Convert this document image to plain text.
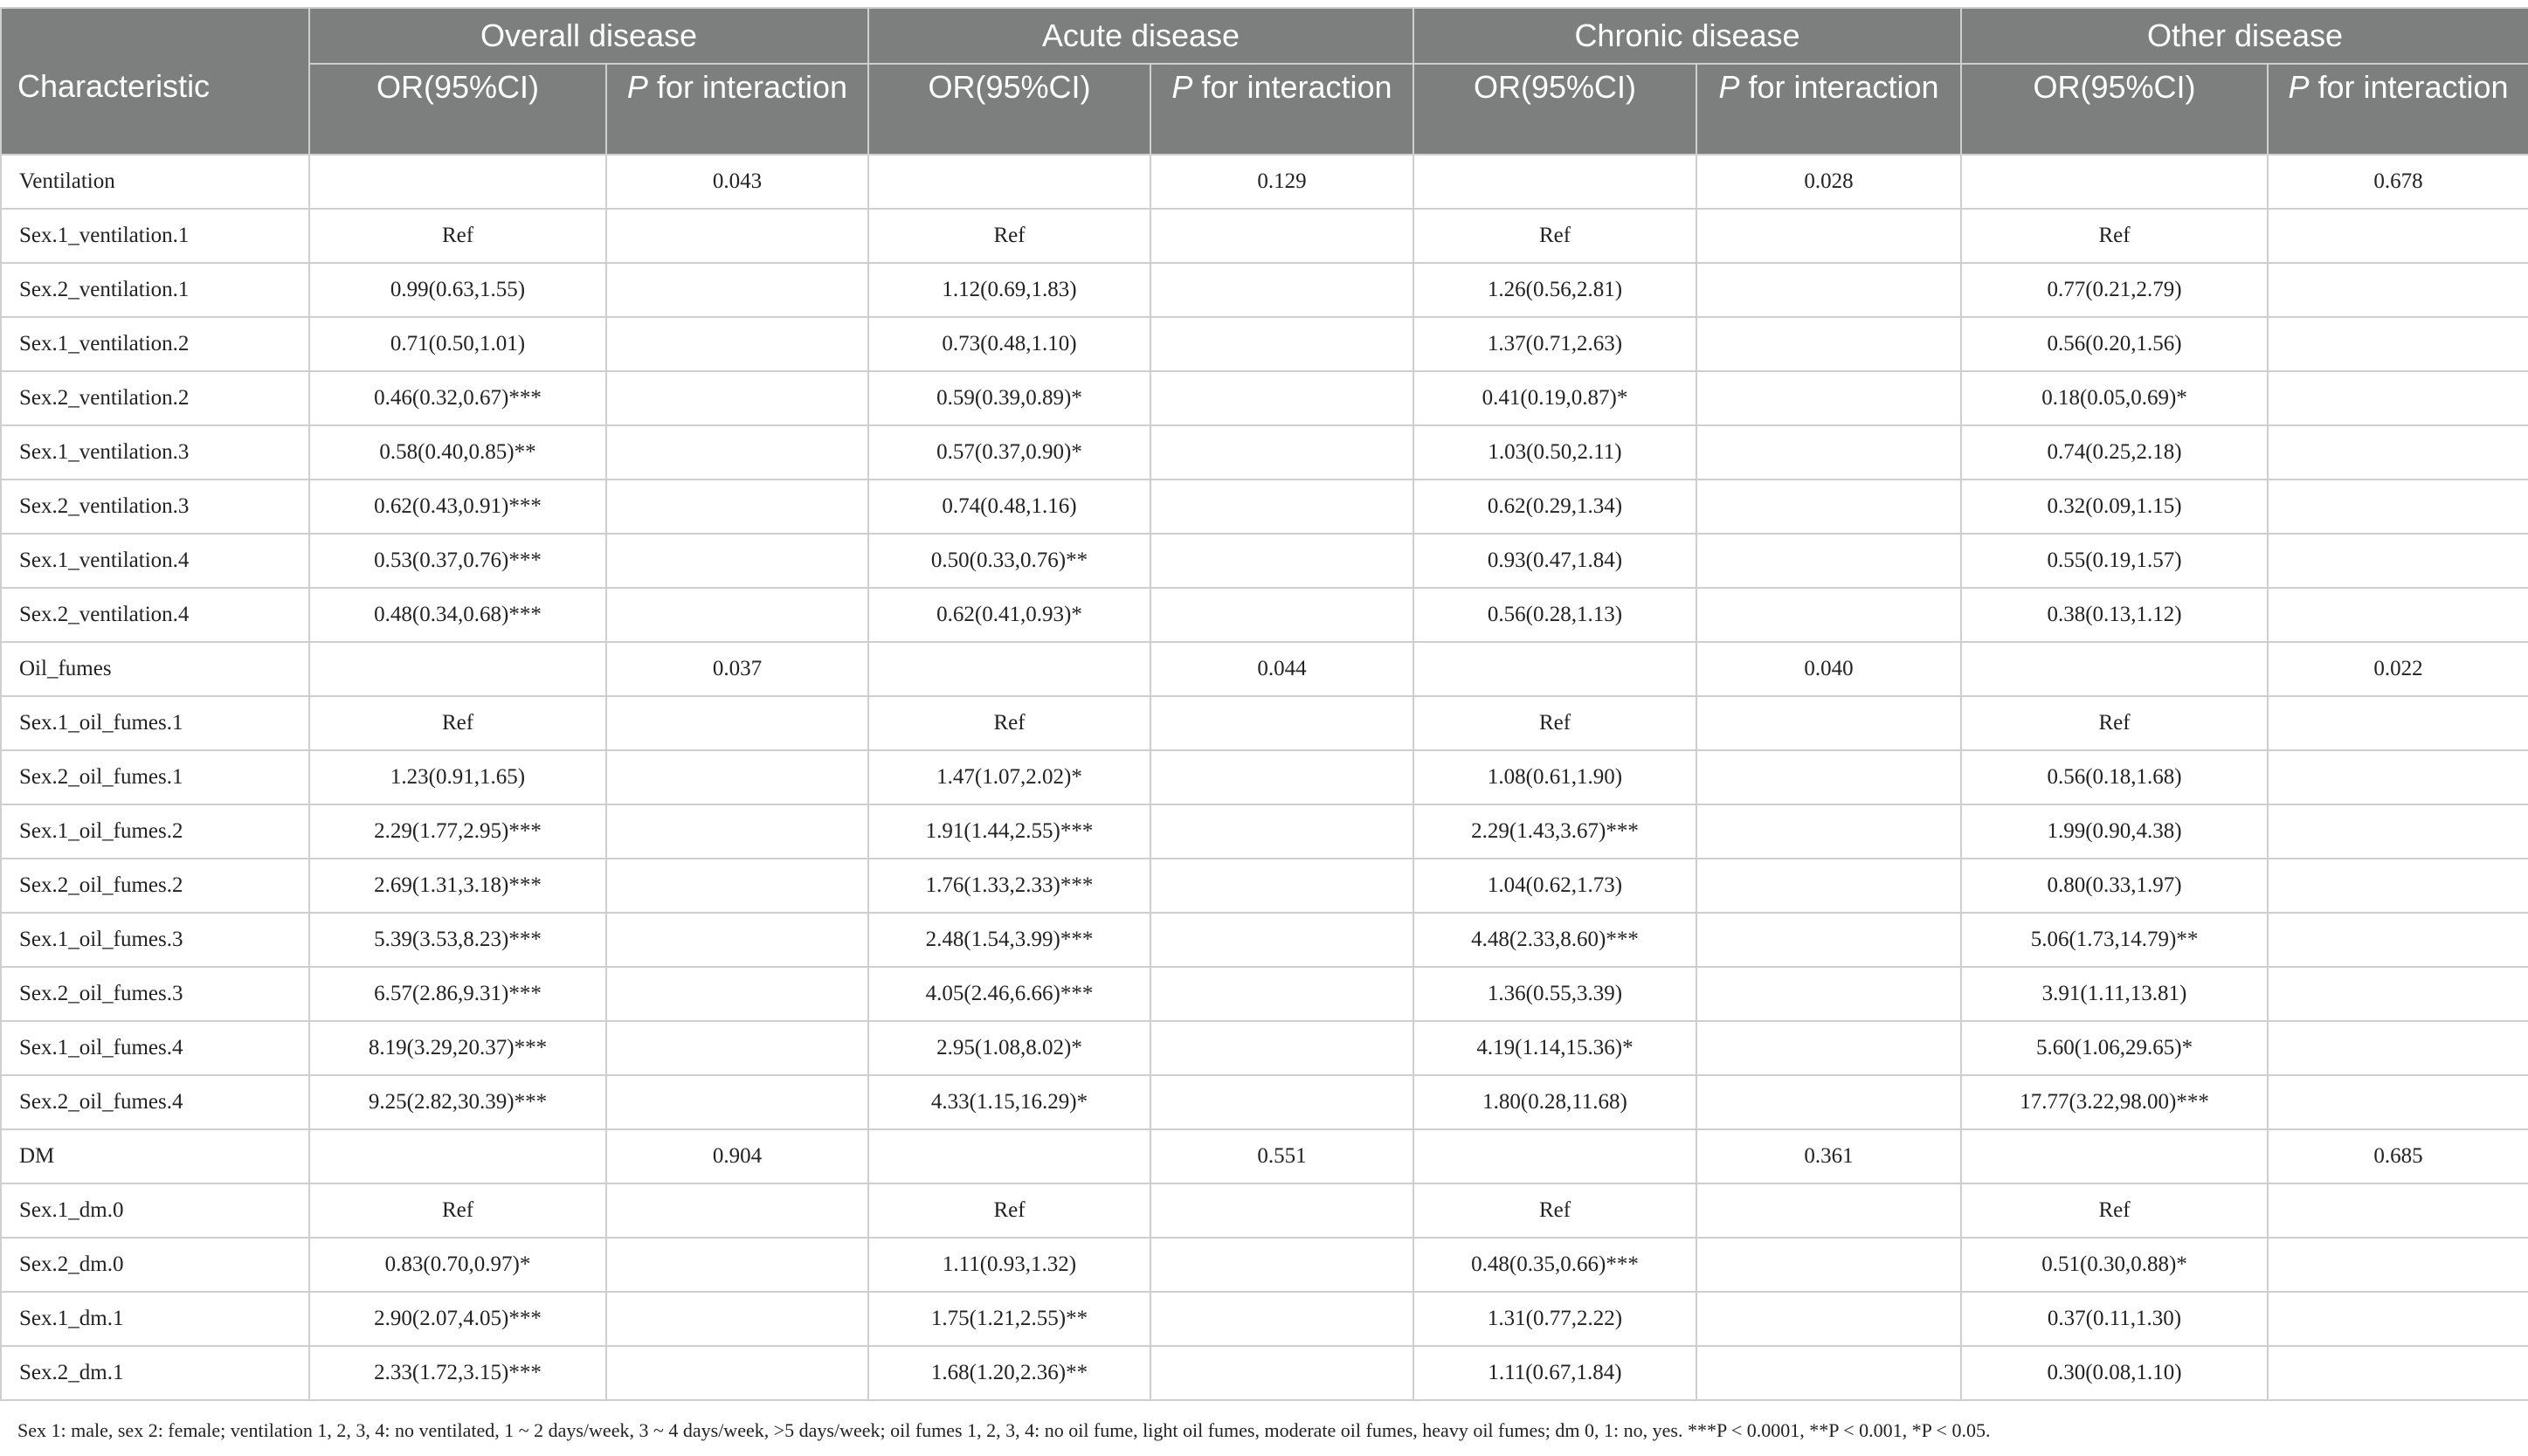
Characteristic	Overall disease		Acute disease		Chronic disease		Other disease	
	OR(95%CI)	P for interaction	OR(95%CI)	P for interaction	OR(95%CI)	P for interaction	OR(95%CI)	P for interaction
Ventilation		0.043		0.129		0.028		0.678
Sex.1_ventilation.1	Ref		Ref		Ref		Ref	
Sex.2_ventilation.1	0.99(0.63,1.55)		1.12(0.69,1.83)		1.26(0.56,2.81)		0.77(0.21,2.79)	
Sex.1_ventilation.2	0.71(0.50,1.01)		0.73(0.48,1.10)		1.37(0.71,2.63)		0.56(0.20,1.56)	
Sex.2_ventilation.2	0.46(0.32,0.67)***		0.59(0.39,0.89)*		0.41(0.19,0.87)*		0.18(0.05,0.69)*	
Sex.1_ventilation.3	0.58(0.40,0.85)**		0.57(0.37,0.90)*		1.03(0.50,2.11)		0.74(0.25,2.18)	
Sex.2_ventilation.3	0.62(0.43,0.91)***		0.74(0.48,1.16)		0.62(0.29,1.34)		0.32(0.09,1.15)	
Sex.1_ventilation.4	0.53(0.37,0.76)***		0.50(0.33,0.76)**		0.93(0.47,1.84)		0.55(0.19,1.57)	
Sex.2_ventilation.4	0.48(0.34,0.68)***		0.62(0.41,0.93)*		0.56(0.28,1.13)		0.38(0.13,1.12)	
Oil_fumes		0.037		0.044		0.040		0.022
Sex.1_oil_fumes.1	Ref		Ref		Ref		Ref	
Sex.2_oil_fumes.1	1.23(0.91,1.65)		1.47(1.07,2.02)*		1.08(0.61,1.90)		0.56(0.18,1.68)	
Sex.1_oil_fumes.2	2.29(1.77,2.95)***		1.91(1.44,2.55)***		2.29(1.43,3.67)***		1.99(0.90,4.38)	
Sex.2_oil_fumes.2	2.69(1.31,3.18)***		1.76(1.33,2.33)***		1.04(0.62,1.73)		0.80(0.33,1.97)	
Sex.1_oil_fumes.3	5.39(3.53,8.23)***		2.48(1.54,3.99)***		4.48(2.33,8.60)***		5.06(1.73,14.79)**	
Sex.2_oil_fumes.3	6.57(2.86,9.31)***		4.05(2.46,6.66)***		1.36(0.55,3.39)		3.91(1.11,13.81)	
Sex.1_oil_fumes.4	8.19(3.29,20.37)***		2.95(1.08,8.02)*		4.19(1.14,15.36)*		5.60(1.06,29.65)*	
Sex.2_oil_fumes.4	9.25(2.82,30.39)***		4.33(1.15,16.29)*		1.80(0.28,11.68)		17.77(3.22,98.00)***	
DM		0.904		0.551		0.361		0.685
Sex.1_dm.0	Ref		Ref		Ref		Ref	
Sex.2_dm.0	0.83(0.70,0.97)*		1.11(0.93,1.32)		0.48(0.35,0.66)***		0.51(0.30,0.88)*	
Sex.1_dm.1	2.90(2.07,4.05)***		1.75(1.21,2.55)**		1.31(0.77,2.22)		0.37(0.11,1.30)	
Sex.2_dm.1	2.33(1.72,3.15)***		1.68(1.20,2.36)**		1.11(0.67,1.84)		0.30(0.08,1.10)	
Sex 1: male, sex 2: female; ventilation 1, 2, 3, 4: no ventilated, 1 ~ 2 days/week, 3 ~ 4 days/week, >5 days/week; oil fumes 1, 2, 3, 4: no oil fume, light oil fumes, moderate oil fumes, heavy oil fumes; dm 0, 1: no, yes. ***P < 0.0001, **P < 0.001, *P < 0.05.
